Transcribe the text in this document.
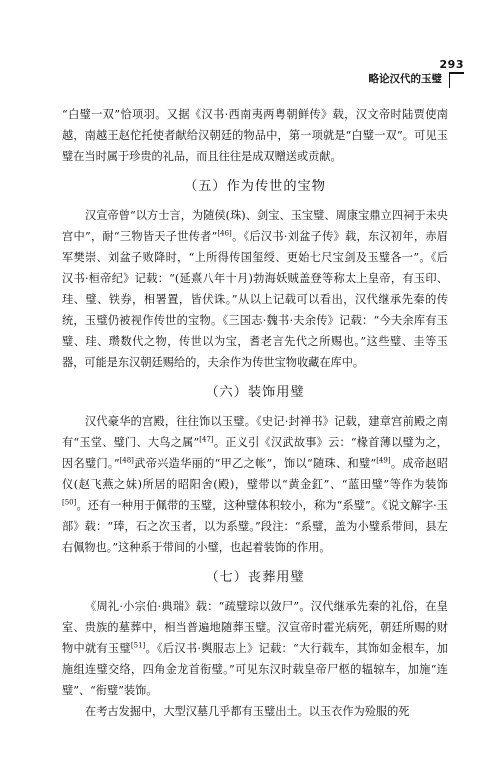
293
略论汉代的玉璧

“白璧一双”恰项羽。又据《汉书·西南夷两粤朝鲜传》载，汉文帝时陆贾使南越，南越王赵佗托使者献给汉朝廷的物品中，第一项就是“白璧一双”。可见玉璧在当时属于珍贵的礼品，而且往往是成双赠送或贡献。

（五）作为传世的宝物

汉宣帝曾“以方士言，为随侯(珠)、剑宝、玉宝璧、周康宝鼎立四祠于未央宫中”，耐“三物皆天子世传者”[46]。《后汉书·刘盆子传》载，东汉初年，赤眉军樊崇、刘盆子败降时，“上所得传国玺绶、更始七尺宝剑及玉璧各一”。《后汉书·桓帝纪》记载：“(延熹八年十月)勃海妖贼盖登等称太上皇帝，有玉印、珪、璧、铁券，相署置，皆伏诛。”从以上记载可以看出，汉代继承先秦的传统，玉璧仍被视作传世的宝物。《三国志·魏书·夫余传》记载：“今夫余库有玉璧、珪、瓒数代之物，传世以为宝，耆老言先代之所赐也。”这些璧、圭等玉器，可能是东汉朝廷赐给的，夫余作为传世宝物收藏在库中。

（六）装饰用璧

汉代豪华的宫殿，往往饰以玉璧。《史记·封禅书》记载，建章宫前殿之南有“玉堂、璧门、大鸟之属”[47]。正义引《汉武故事》云：“椽首薄以璧为之，因名璧门。”[48]武帝兴造华丽的“甲乙之帐”，饰以“随珠、和璧”[49]。成帝赵昭仪(赵飞燕之妹)所居的昭阳舍(殿)，璧带以“黄金釭”、“蓝田璧”等作为装饰[50]。还有一种用于佩带的玉璧，这种璧体积较小，称为“系璧”。《说文解字·玉部》载：“琫，石之次玉者，以为系璧。”段注：“系璧，盖为小璧系带间，县左右佩物也。”这种系于带间的小璧，也起着装饰的作用。

（七）丧葬用璧

《周礼·小宗伯·典瑞》载：“疏璧琮以敛尸”。汉代继承先秦的礼俗，在皇室、贵族的墓葬中，相当普遍地随葬玉璧。汉宣帝时霍光病死，朝廷所赐的财物中就有玉璧[51]。《后汉书·舆服志上》记载：“大行载车，其饰如金根车，加施组连璧交络，四角金龙首衔璧。”可见东汉时载皇帝尸柩的辒辌车，加施“连璧”、“衔璧”装饰。

在考古发掘中，大型汉墓几乎都有玉璧出土。以玉衣作为殓服的死
